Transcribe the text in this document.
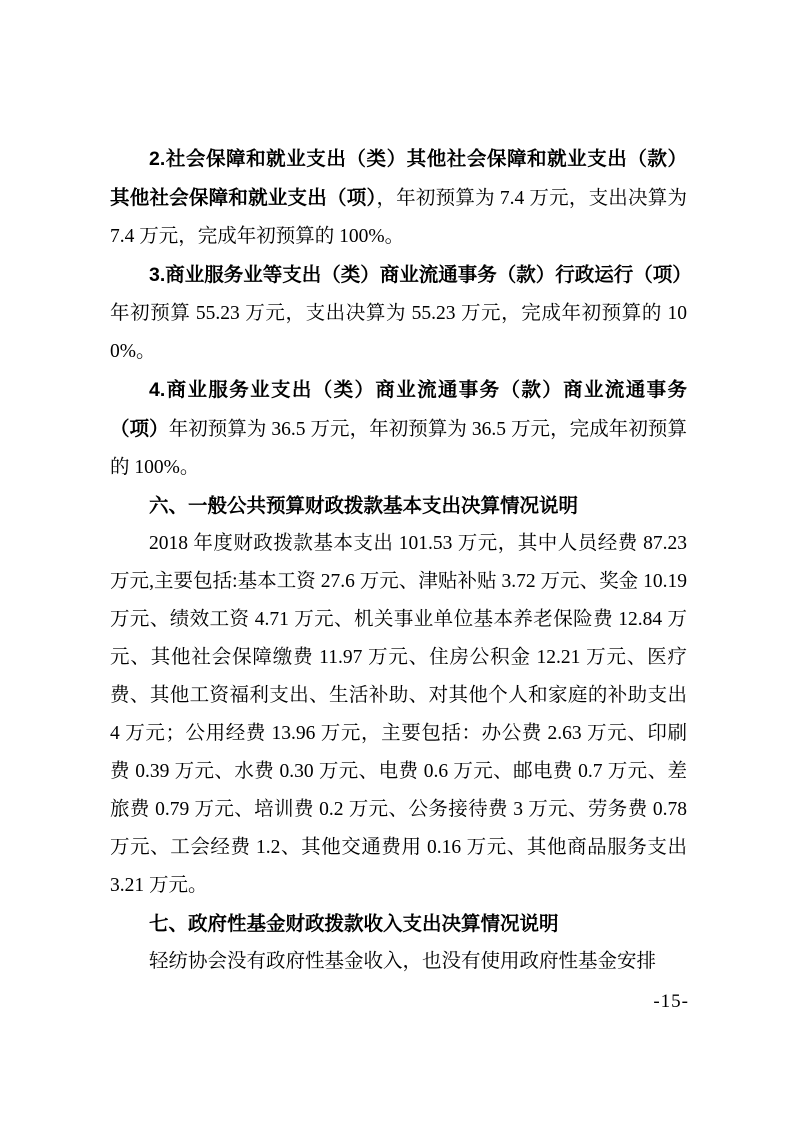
2.社会保障和就业支出（类）其他社会保障和就业支出（款）其他社会保障和就业支出（项），年初预算为 7.4 万元，支出决算为 7.4 万元，完成年初预算的 100%。

3.商业服务业等支出（类）商业流通事务（款）行政运行（项）年初预算 55.23 万元，支出决算为 55.23 万元，完成年初预算的 100%。

4.商业服务业支出（类）商业流通事务（款）商业流通事务（项）年初预算为 36.5 万元，年初预算为 36.5 万元，完成年初预算的 100%。

六、一般公共预算财政拨款基本支出决算情况说明

2018 年度财政拨款基本支出 101.53 万元，其中人员经费 87.23 万元,主要包括:基本工资 27.6 万元、津贴补贴 3.72 万元、奖金 10.19 万元、绩效工资 4.71 万元、机关事业单位基本养老保险费 12.84 万元、其他社会保障缴费 11.97 万元、住房公积金 12.21 万元、医疗费、其他工资福利支出、生活补助、对其他个人和家庭的补助支出 4 万元；公用经费 13.96 万元，主要包括：办公费 2.63 万元、印刷费 0.39 万元、水费 0.30 万元、电费 0.6 万元、邮电费 0.7 万元、差旅费 0.79 万元、培训费 0.2 万元、公务接待费 3 万元、劳务费 0.78 万元、工会经费 1.2、其他交通费用 0.16 万元、其他商品服务支出 3.21 万元。

七、政府性基金财政拨款收入支出决算情况说明

轻纺协会没有政府性基金收入，也没有使用政府性基金安排

-15-
